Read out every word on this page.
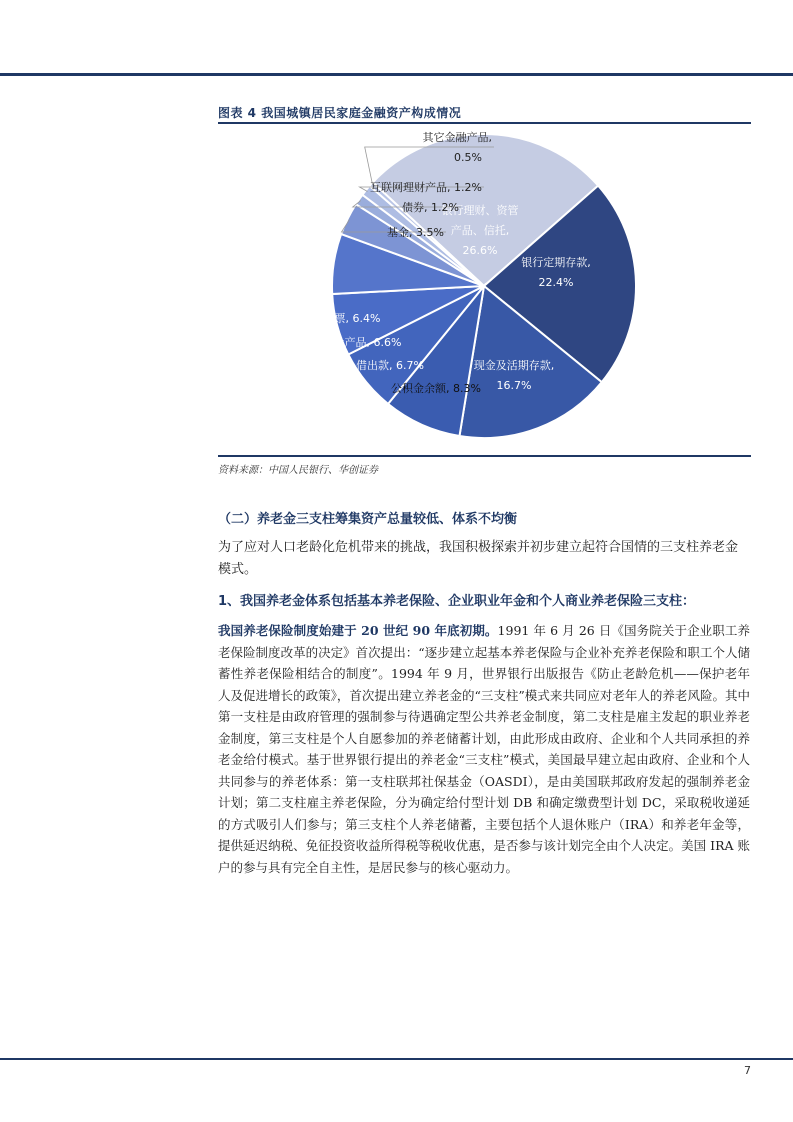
图表 4 我国城镇居民家庭金融资产构成情况
银行理财、资管产品、信托, 26.6%
银行定期存款, 22.4%
现金及活期存款, 16.7%
公积金余额, 8.3%
借出款, 6.7%
保险产品, 6.6%
股票, 6.4%
基金, 3.5%
债券, 1.2%
互联网理财产品, 1.2%
其它金融产品, 0.5%
资料来源：中国人民银行、华创证券
（二）养老金三支柱筹集资产总量较低、体系不均衡
为了应对人口老龄化危机带来的挑战，我国积极探索并初步建立起符合国情的三支柱养老金模式。
1、我国养老金体系包括基本养老保险、企业职业年金和个人商业养老保险三支柱：
我国养老保险制度始建于 20 世纪 90 年底初期。1991 年 6 月 26 日《国务院关于企业职工养老保险制度改革的决定》首次提出：“逐步建立起基本养老保险与企业补充养老保险和职工个人储蓄性养老保险相结合的制度”。1994 年 9 月，世界银行出版报告《防止老龄危机——保护老年人及促进增长的政策》，首次提出建立养老金的“三支柱”模式来共同应对老年人的养老风险。其中第一支柱是由政府管理的强制参与待遇确定型公共养老金制度，第二支柱是雇主发起的职业养老金制度，第三支柱是个人自愿参加的养老储蓄计划，由此形成由政府、企业和个人共同承担的养老金给付模式。基于世界银行提出的养老金“三支柱”模式，美国最早建立起由政府、企业和个人共同参与的养老体系：第一支柱联邦社保基金（OASDI），是由美国联邦政府发起的强制养老金计划；第二支柱雇主养老保险，分为确定给付型计划 DB 和确定缴费型计划 DC，采取税收递延的方式吸引人们参与；第三支柱个人养老储蓄，主要包括个人退休账户（IRA）和养老年金等，提供延迟纳税、免征投资收益所得税等税收优惠，是否参与该计划完全由个人决定。美国 IRA 账户的参与具有完全自主性，是居民参与的核心驱动力。
7
